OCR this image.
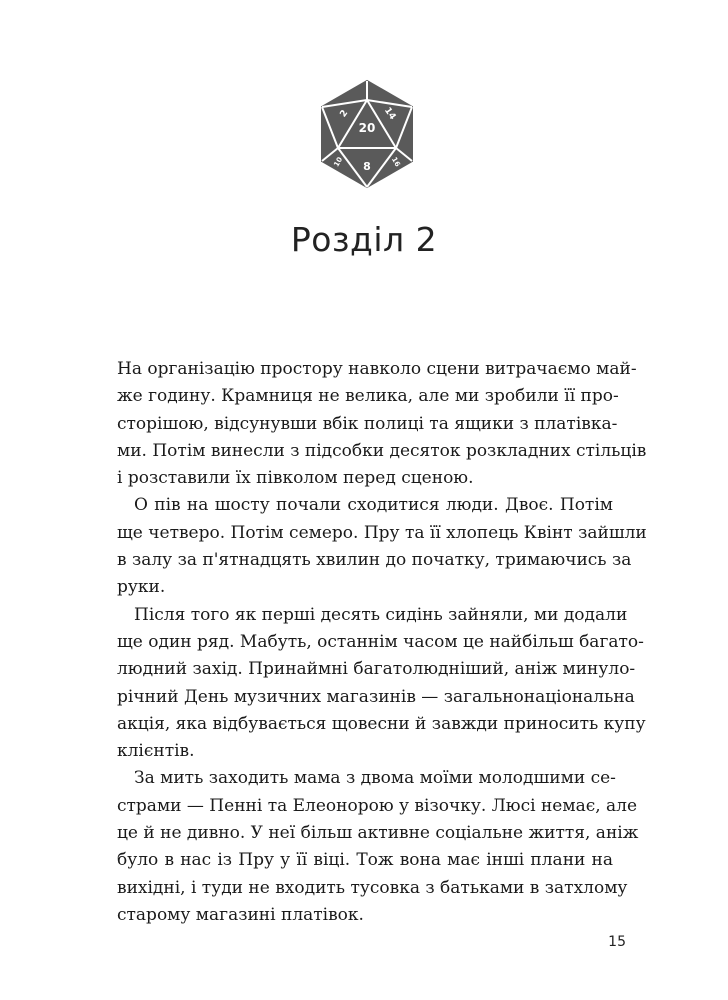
20
2	14
8
10	16
Розділ 2

На організацію простору навколо сцени витрачаємо май-
же годину. Крамниця не велика, але ми зробили її про-
сторішою, відсунувши вбік полиці та ящики з платівка-
ми. Потім винесли з підсобки десяток розкладних стільців
і розставили їх півколом перед сценою.

О пів на шосту почали сходитися люди. Двоє. Потім
ще четверо. Потім семеро. Пру та її хлопець Квінт зайшли
в залу за п'ятнадцять хвилин до початку, тримаючись за
руки.

Після того як перші десять сидінь зайняли, ми додали
ще один ряд. Мабуть, останнім часом це найбільш багато-
людний захід. Принаймні багатолюдніший, аніж минуло-
річний День музичних магазинів — загальнонаціональна
акція, яка відбувається щовесни й завжди приносить купу
клієнтів.

За мить заходить мама з двома моїми молодшими се-
страми — Пенні та Елеонорою у візочку. Люсі немає, але
це й не дивно. У неї більш активне соціальне життя, аніж
було в нас із Пру у її віці. Тож вона має інші плани на
вихідні, і туди не входить тусовка з батьками в затхлому
старому магазині платівок.

15
